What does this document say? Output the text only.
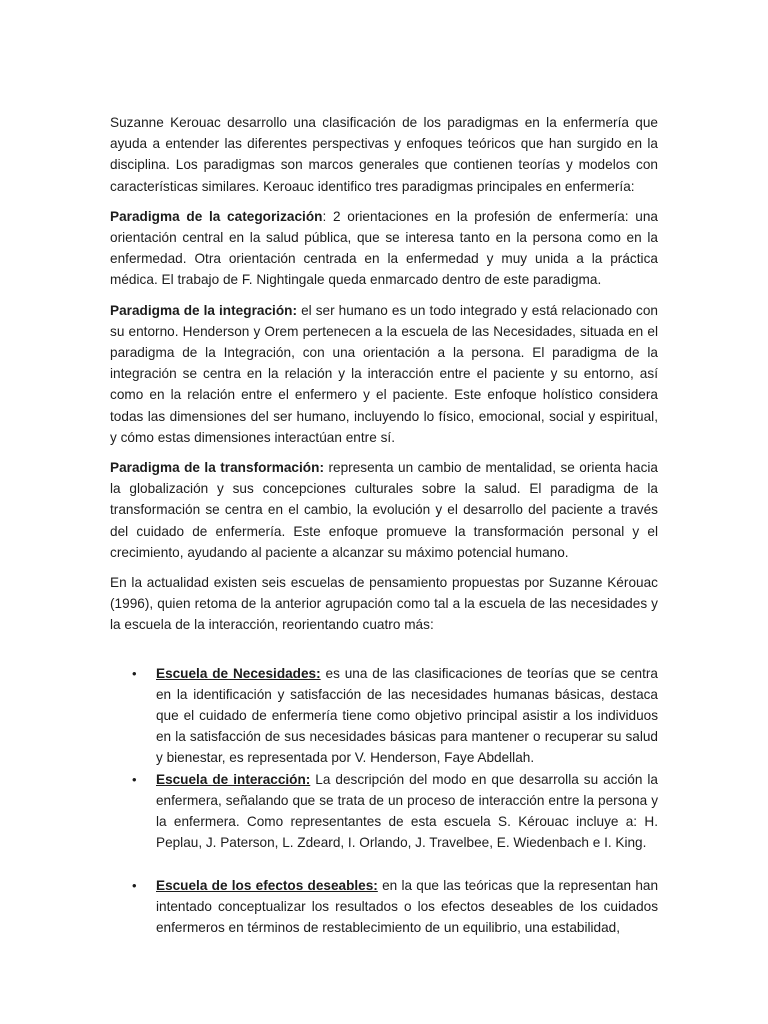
Suzanne Kerouac desarrollo una clasificación de los paradigmas en la enfermería que ayuda a entender las diferentes perspectivas y enfoques teóricos que han surgido en la disciplina. Los paradigmas son marcos generales que contienen teorías y modelos con características similares. Keroauc identifico tres paradigmas principales en enfermería:

Paradigma de la categorización: 2 orientaciones en la profesión de enfermería: una orientación central en la salud pública, que se interesa tanto en la persona como en la enfermedad. Otra orientación centrada en la enfermedad y muy unida a la práctica médica. El trabajo de F. Nightingale queda enmarcado dentro de este paradigma.

Paradigma de la integración: el ser humano es un todo integrado y está relacionado con su entorno. Henderson y Orem pertenecen a la escuela de las Necesidades, situada en el paradigma de la Integración, con una orientación a la persona. El paradigma de la integración se centra en la relación y la interacción entre el paciente y su entorno, así como en la relación entre el enfermero y el paciente. Este enfoque holístico considera todas las dimensiones del ser humano, incluyendo lo físico, emocional, social y espiritual, y cómo estas dimensiones interactúan entre sí.

Paradigma de la transformación: representa un cambio de mentalidad, se orienta hacia la globalización y sus concepciones culturales sobre la salud. El paradigma de la transformación se centra en el cambio, la evolución y el desarrollo del paciente a través del cuidado de enfermería. Este enfoque promueve la transformación personal y el crecimiento, ayudando al paciente a alcanzar su máximo potencial humano.

En la actualidad existen seis escuelas de pensamiento propuestas por Suzanne Kérouac (1996), quien retoma de la anterior agrupación como tal a la escuela de las necesidades y la escuela de la interacción, reorientando cuatro más:

• Escuela de Necesidades: es una de las clasificaciones de teorías que se centra en la identificación y satisfacción de las necesidades humanas básicas, destaca que el cuidado de enfermería tiene como objetivo principal asistir a los individuos en la satisfacción de sus necesidades básicas para mantener o recuperar su salud y bienestar, es representada por V. Henderson, Faye Abdellah.
• Escuela de interacción: La descripción del modo en que desarrolla su acción la enfermera, señalando que se trata de un proceso de interacción entre la persona y la enfermera. Como representantes de esta escuela S. Kérouac incluye a: H. Peplau, J. Paterson, L. Zdeard, I. Orlando, J. Travelbee, E. Wiedenbach e I. King.
• Escuela de los efectos deseables: en la que las teóricas que la representan han intentado conceptualizar los resultados o los efectos deseables de los cuidados enfermeros en términos de restablecimiento de un equilibrio, una estabilidad,
